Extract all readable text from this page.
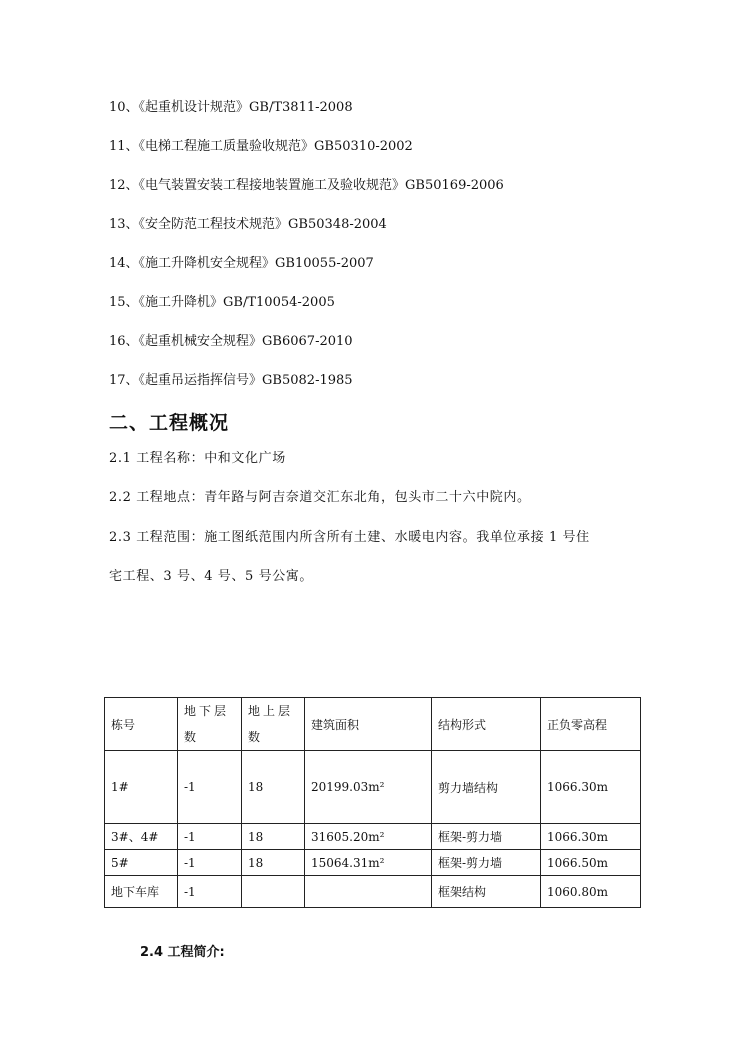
10、《起重机设计规范》GB/T3811-2008
11、《电梯工程施工质量验收规范》GB50310-2002
12、《电气装置安装工程接地装置施工及验收规范》GB50169-2006
13、《安全防范工程技术规范》GB50348-2004
14、《施工升降机安全规程》GB10055-2007
15、《施工升降机》GB/T10054-2005
16、《起重机械安全规程》GB6067-2010
17、《起重吊运指挥信号》GB5082-1985
二、工程概况
2.1 工程名称：中和文化广场
2.2 工程地点：青年路与阿吉奈道交汇东北角，包头市二十六中院内。
2.3 工程范围：施工图纸范围内所含所有土建、水暖电内容。我单位承接 1 号住
宅工程、3 号、4 号、5 号公寓。
栋号	地下层数	地上层数	建筑面积	结构形式	正负零高程
1#	-1	18	20199.03m²	剪力墙结构	1066.30m
3#、4#	-1	18	31605.20m²	框架-剪力墙	1066.30m
5#	-1	18	15064.31m²	框架-剪力墙	1066.50m
地下车库	-1			框架结构	1060.80m
2.4 工程简介:
